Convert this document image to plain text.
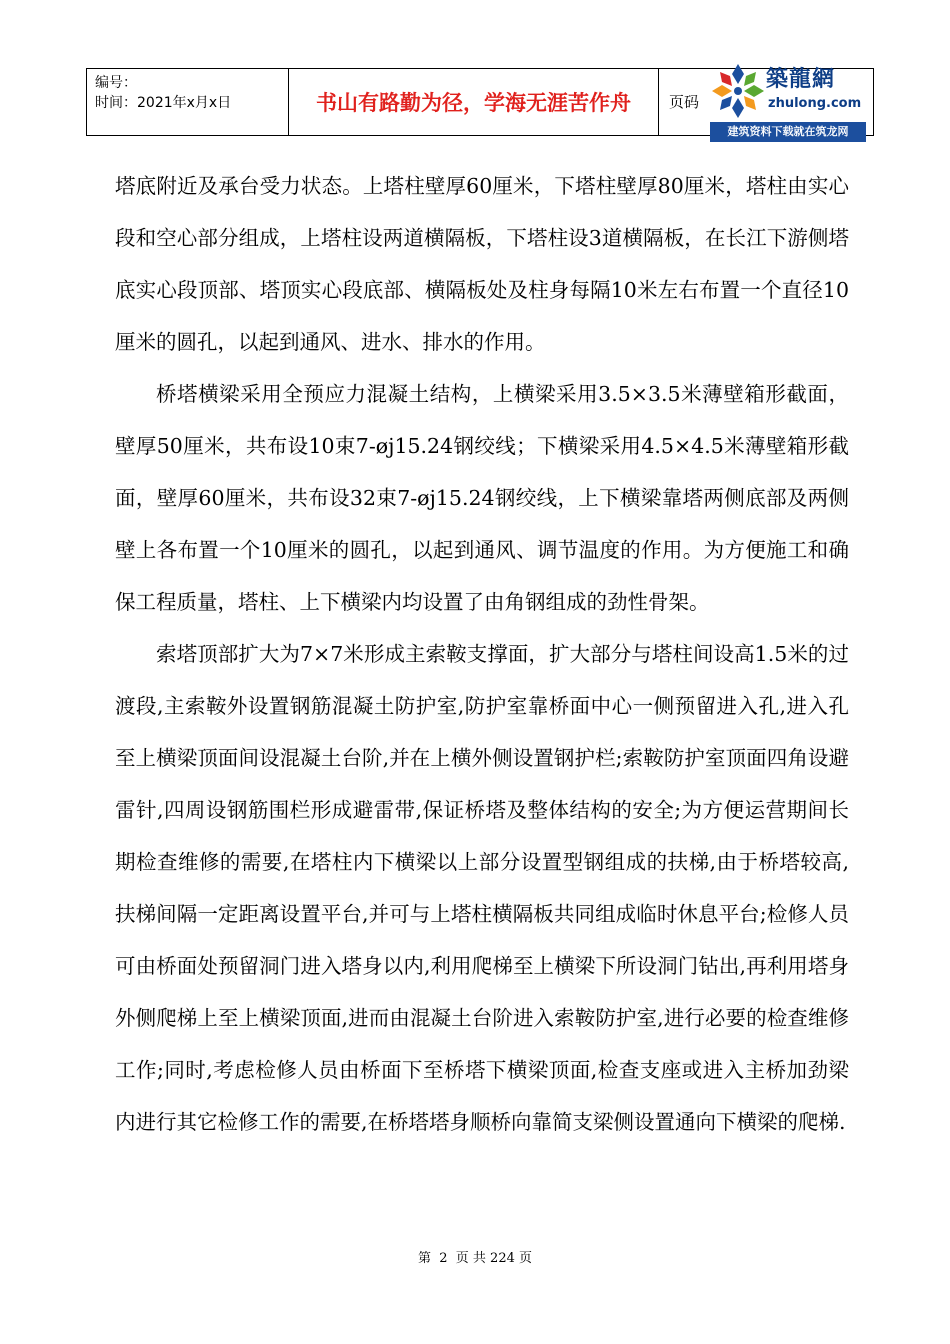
编号：
时间：2021年x月x日	书山有路勤为径，学海无涯苦作舟	页码
築龍網
zhulong.com
建筑资料下载就在筑龙网

塔底附近及承台受力状态。上塔柱壁厚60厘米，下塔柱壁厚80厘米，塔柱由实心段和空心部分组成，上塔柱设两道横隔板，下塔柱设3道横隔板，在长江下游侧塔底实心段顶部、塔顶实心段底部、横隔板处及柱身每隔10米左右布置一个直径10厘米的圆孔，以起到通风、进水、排水的作用。

桥塔横梁采用全预应力混凝土结构，上横梁采用3.5×3.5米薄壁箱形截面，壁厚50厘米，共布设10束7-øj15.24钢绞线；下横梁采用4.5×4.5米薄壁箱形截面，壁厚60厘米，共布设32束7-øj15.24钢绞线，上下横梁靠塔两侧底部及两侧壁上各布置一个10厘米的圆孔，以起到通风、调节温度的作用。为方便施工和确保工程质量，塔柱、上下横梁内均设置了由角钢组成的劲性骨架。

索塔顶部扩大为7×7米形成主索鞍支撑面，扩大部分与塔柱间设高1.5米的过渡段,主索鞍外设置钢筋混凝土防护室,防护室靠桥面中心一侧预留进入孔,进入孔至上横梁顶面间设混凝土台阶,并在上横外侧设置钢护栏;索鞍防护室顶面四角设避雷针,四周设钢筋围栏形成避雷带,保证桥塔及整体结构的安全;为方便运营期间长期检查维修的需要,在塔柱内下横梁以上部分设置型钢组成的扶梯,由于桥塔较高,扶梯间隔一定距离设置平台,并可与上塔柱横隔板共同组成临时休息平台;检修人员可由桥面处预留洞门进入塔身以内,利用爬梯至上横梁下所设洞门钻出,再利用塔身外侧爬梯上至上横梁顶面,进而由混凝土台阶进入索鞍防护室,进行必要的检查维修工作;同时,考虑检修人员由桥面下至桥塔下横梁顶面,检查支座或进入主桥加劲梁内进行其它检修工作的需要,在桥塔塔身顺桥向靠简支梁侧设置通向下横梁的爬梯.

第  2  页 共 224 页
